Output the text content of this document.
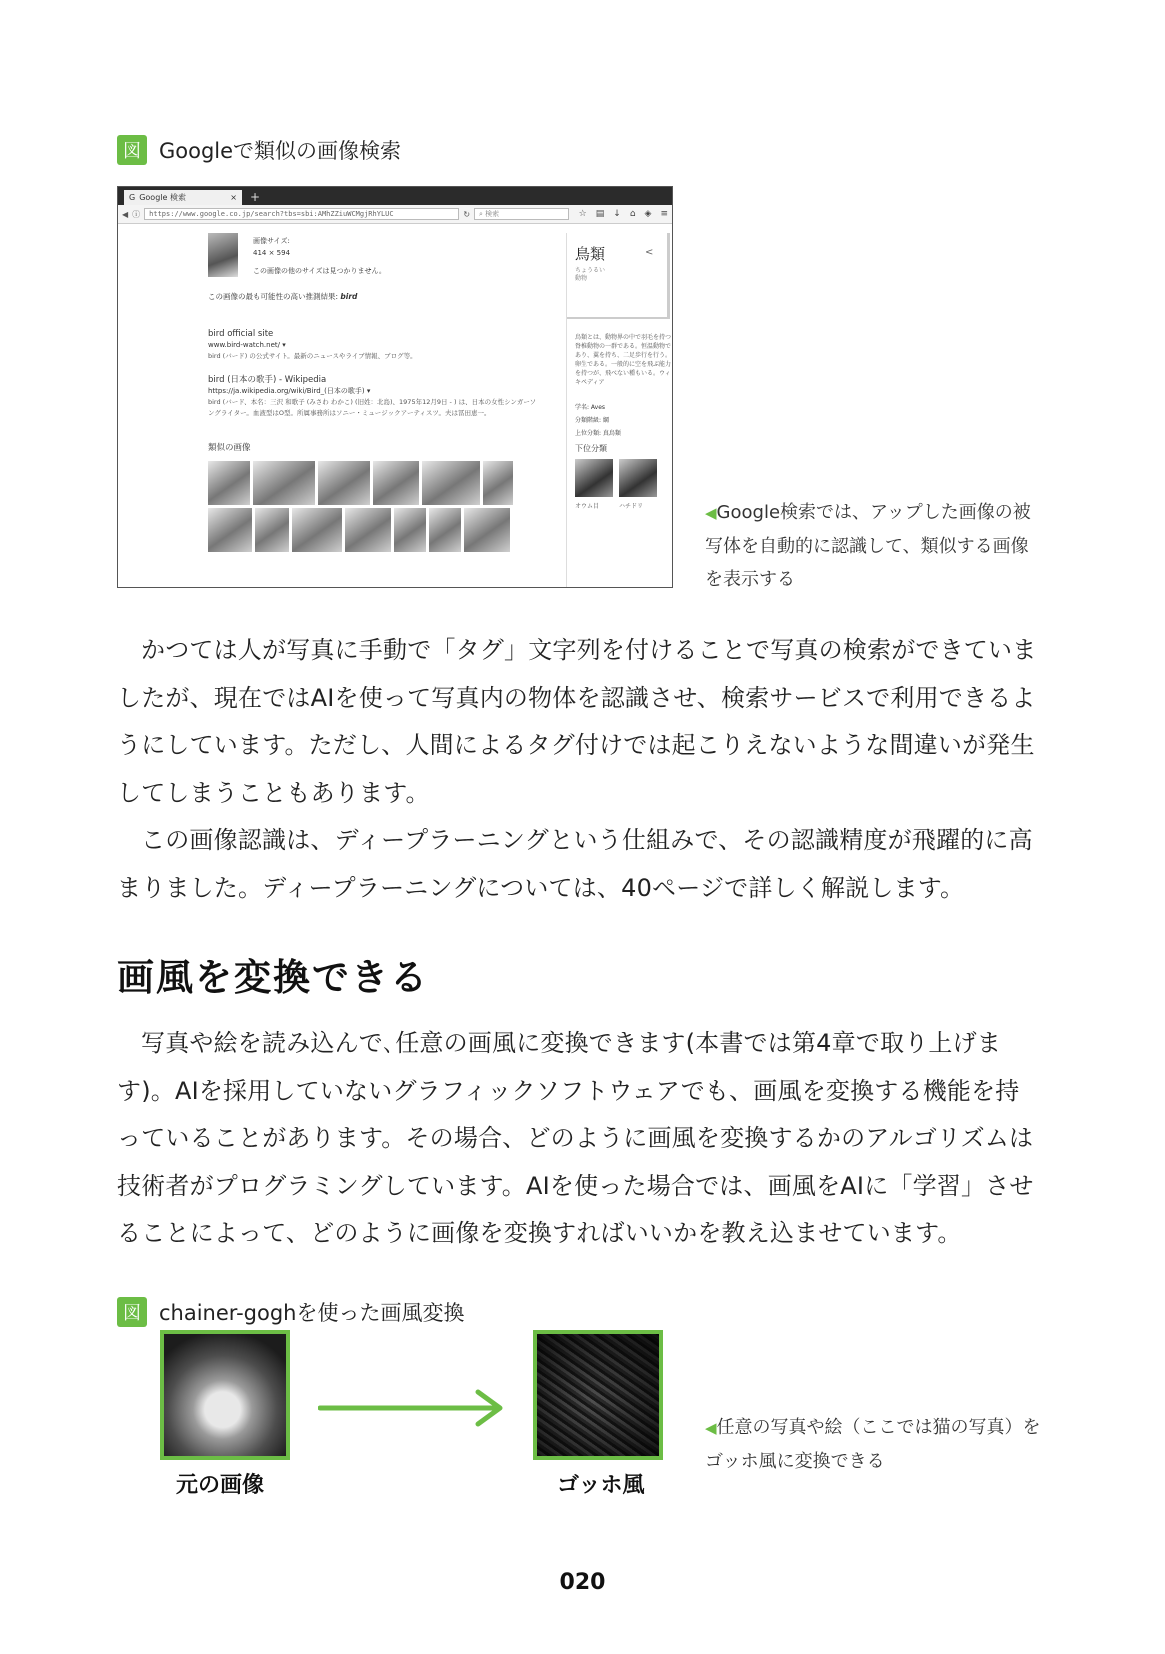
図 Googleで類似の画像検索
G Google 検索	× +
◀ ⓘ	https://www.google.co.jp/search?tbs=sbi:AMhZZiuWCMgjRhYLUC	↻ ⌕ 検索	☆ ▤ ↓ ⌂ ◈ ≡
画像サイズ:
414 × 594
この画像の他のサイズは見つかりません。
この画像の最も可能性の高い推測結果: bird
bird official site
www.bird-watch.net/ ▾
bird (バード) の公式サイト。最新のニュースやライブ情報、ブログ等。
bird (日本の歌手) - Wikipedia
https://ja.wikipedia.org/wiki/Bird_(日本の歌手) ▾
bird (バード、本名：三沢 和歌子 (みさわ わかこ) (旧姓：北島)、1975年12月9日 - ) は、日本の女性シンガーソングライター。血液型はO型。所属事務所はソニー・ミュージックアーティスツ。夫は冨田恵一。
類似の画像
鳥類	<
ちょうるい
動物
鳥類とは、動物界の中で羽毛を持つ脊椎動物の一群である。恒温動物であり、翼を持ち、二足歩行を行う。卵生である。一般的に空を飛ぶ能力を持つが、飛べない種もいる。ウィキペディア
学名: Aves
分類階級: 綱
上位分類: 真鳥類
下位分類
オウム目	ハチドリ	◀Google検索では、アップした画像の被写体を自動的に認識して、類似する画像を表示する
かつては人が写真に手動で「タグ」文字列を付けることで写真の検索ができていましたが、現在ではAIを使って写真内の物体を認識させ、検索サービスで利用できるようにしています。ただし、人間によるタグ付けでは起こりえないような間違いが発生してしまうこともあります。
この画像認識は、ディープラーニングという仕組みで、その認識精度が飛躍的に高まりました。ディープラーニングについては、40ページで詳しく解説します。
画風を変換できる
写真や絵を読み込んで､任意の画風に変換できます(本書では第4章で取り上げます)。AIを採用していないグラフィックソフトウェアでも、画風を変換する機能を持っていることがあります。その場合、どのように画風を変換するかのアルゴリズムは技術者がプログラミングしています。AIを使った場合では、画風をAIに「学習」させることによって、どのように画像を変換すればいいかを教え込ませています。
図 chainer-goghを使った画風変換
元の画像	ゴッホ風
◀任意の写真や絵（ここでは猫の写真）をゴッホ風に変換できる
020
